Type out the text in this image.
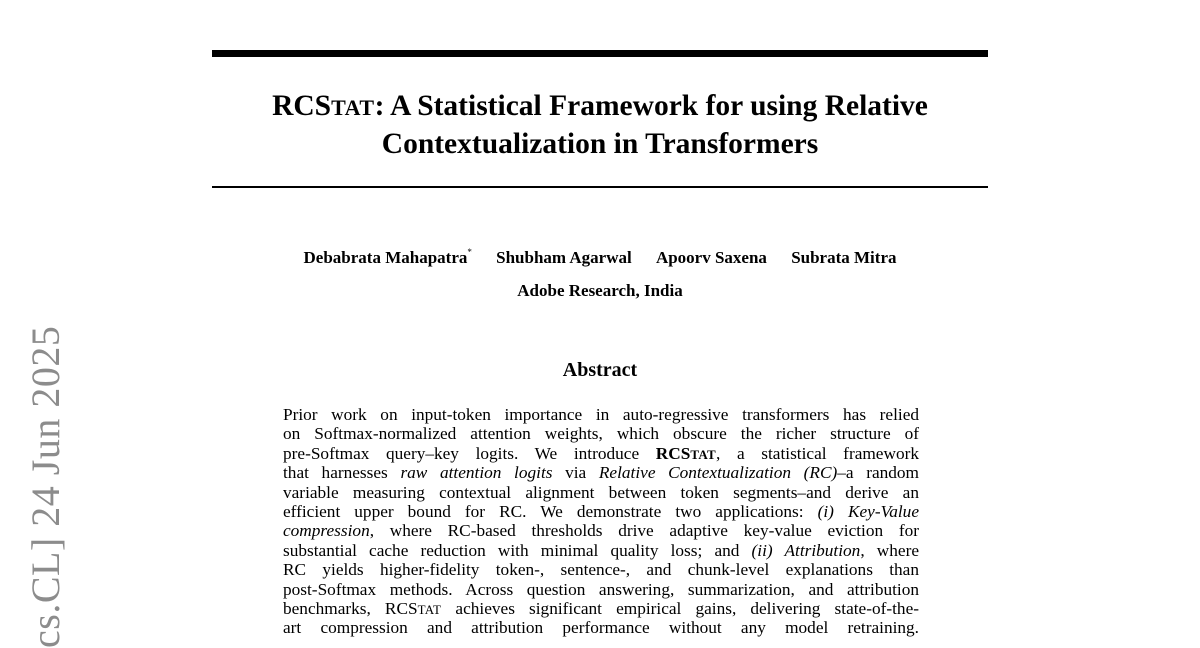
RCSTAT: A Statistical Framework for using Relative
Contextualization in Transformers
Debabrata Mahapatra* Shubham Agarwal Apoorv Saxena Subrata Mitra
Adobe Research, India
Abstract
Prior work on input-token importance in auto-regressive transformers has relied
on Softmax-normalized attention weights, which obscure the richer structure of
pre-Softmax query–key logits. We introduce RCSTAT, a statistical framework
that harnesses raw attention logits via Relative Contextualization (RC)–a random
variable measuring contextual alignment between token segments–and derive an
efficient upper bound for RC. We demonstrate two applications: (i) Key-Value
compression, where RC-based thresholds drive adaptive key-value eviction for
substantial cache reduction with minimal quality loss; and (ii) Attribution, where
RC yields higher-fidelity token-, sentence-, and chunk-level explanations than
post-Softmax methods. Across question answering, summarization, and attribution
benchmarks, RCSTAT achieves significant empirical gains, delivering state-of-the-
art compression and attribution performance without any model retraining.
cs.CL] 24 Jun 2025
